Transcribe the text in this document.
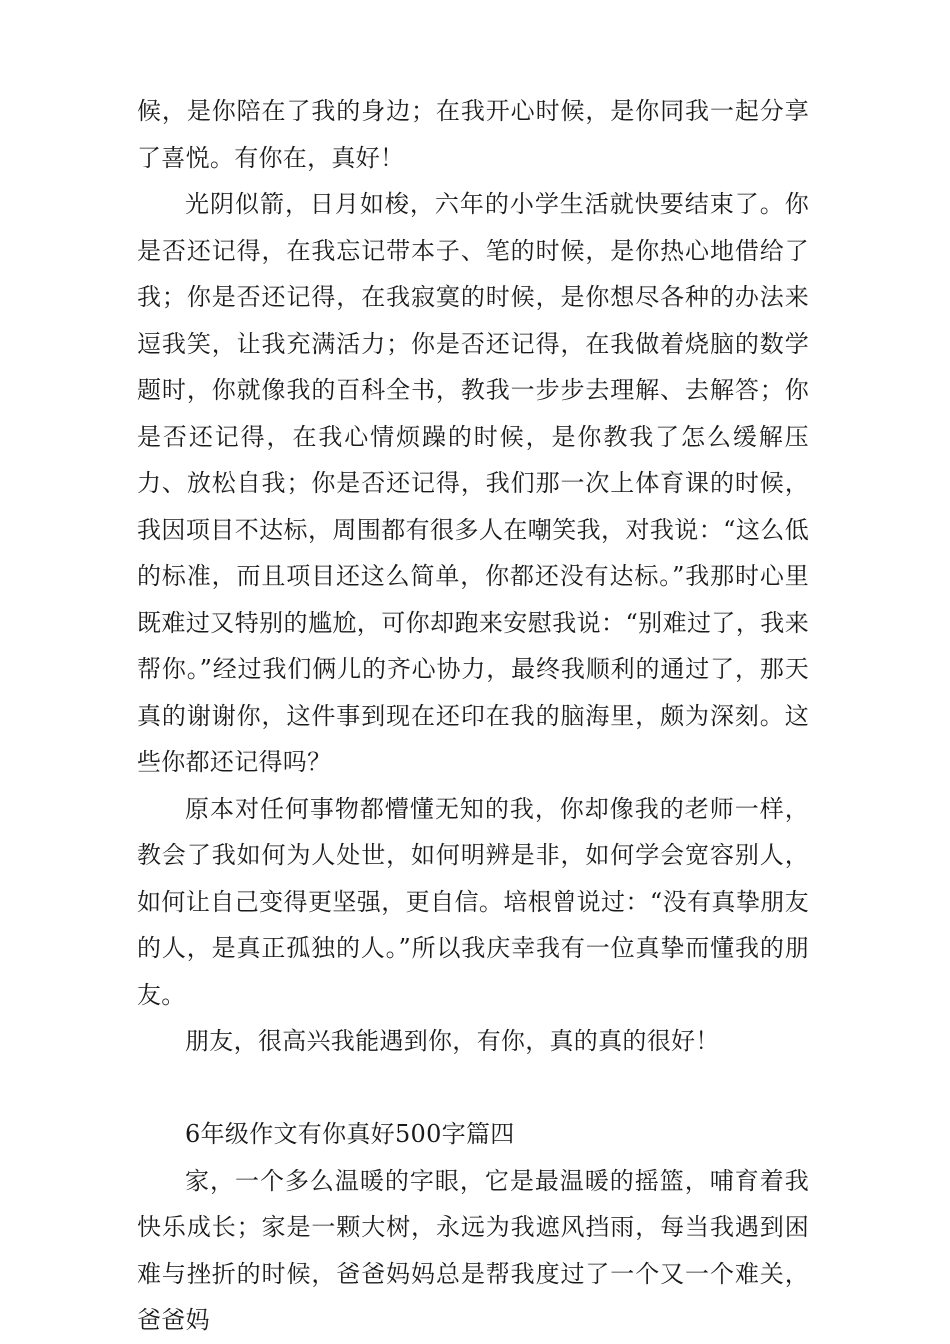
候，是你陪在了我的身边；在我开心时候，是你同我一起分享了喜悦。有你在，真好！

光阴似箭，日月如梭，六年的小学生活就快要结束了。你是否还记得，在我忘记带本子、笔的时候，是你热心地借给了我；你是否还记得，在我寂寞的时候，是你想尽各种的办法来逗我笑，让我充满活力；你是否还记得，在我做着烧脑的数学题时，你就像我的百科全书，教我一步步去理解、去解答；你是否还记得，在我心情烦躁的时候，是你教我了怎么缓解压力、放松自我；你是否还记得，我们那一次上体育课的时候，我因项目不达标，周围都有很多人在嘲笑我，对我说：“这么低的标准，而且项目还这么简单，你都还没有达标。”我那时心里既难过又特别的尴尬，可你却跑来安慰我说：“别难过了，我来帮你。”经过我们俩儿的齐心协力，最终我顺利的通过了，那天真的谢谢你，这件事到现在还印在我的脑海里，颇为深刻。这些你都还记得吗？

原本对任何事物都懵懂无知的我，你却像我的老师一样，教会了我如何为人处世，如何明辨是非，如何学会宽容别人，如何让自己变得更坚强，更自信。培根曾说过：“没有真挚朋友的人，是真正孤独的人。”所以我庆幸我有一位真挚而懂我的朋友。

朋友，很高兴我能遇到你，有你，真的真的很好！

6年级作文有你真好500字篇四

家，一个多么温暖的字眼，它是最温暖的摇篮，哺育着我快乐成长；家是一颗大树，永远为我遮风挡雨，每当我遇到困难与挫折的时候，爸爸妈妈总是帮我度过了一个又一个难关，爸爸妈
